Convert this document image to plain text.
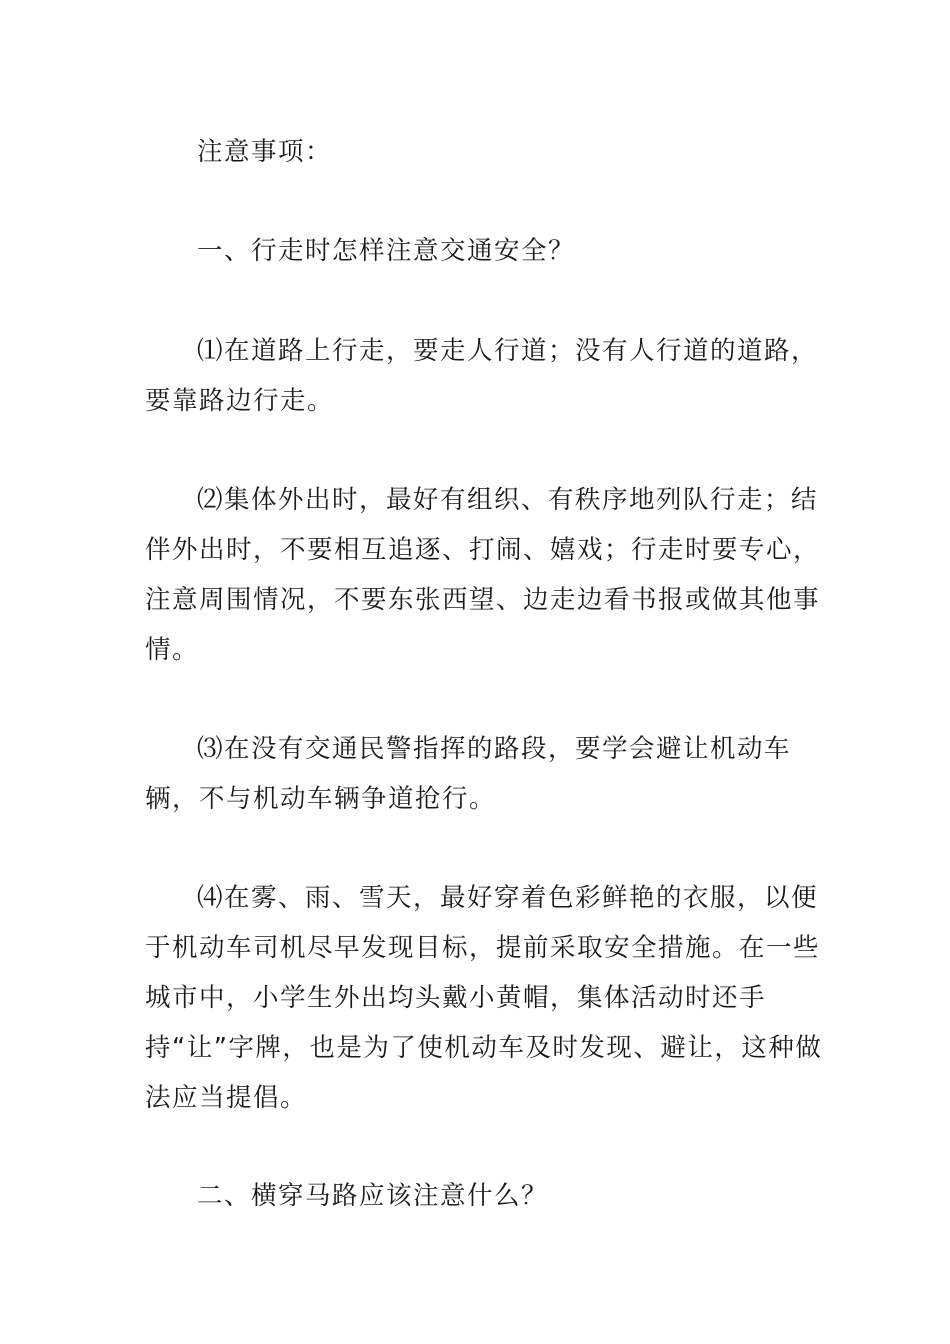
注意事项：

一、行走时怎样注意交通安全？

⑴在道路上行走，要走人行道；没有人行道的道路，要靠路边行走。

⑵集体外出时，最好有组织、有秩序地列队行走；结伴外出时，不要相互追逐、打闹、嬉戏；行走时要专心，注意周围情况，不要东张西望、边走边看书报或做其他事情。

⑶在没有交通民警指挥的路段，要学会避让机动车辆，不与机动车辆争道抢行。

⑷在雾、雨、雪天，最好穿着色彩鲜艳的衣服，以便于机动车司机尽早发现目标，提前采取安全措施。在一些城市中，小学生外出均头戴小黄帽，集体活动时还手持“让”字牌，也是为了使机动车及时发现、避让，这种做法应当提倡。

二、横穿马路应该注意什么？
